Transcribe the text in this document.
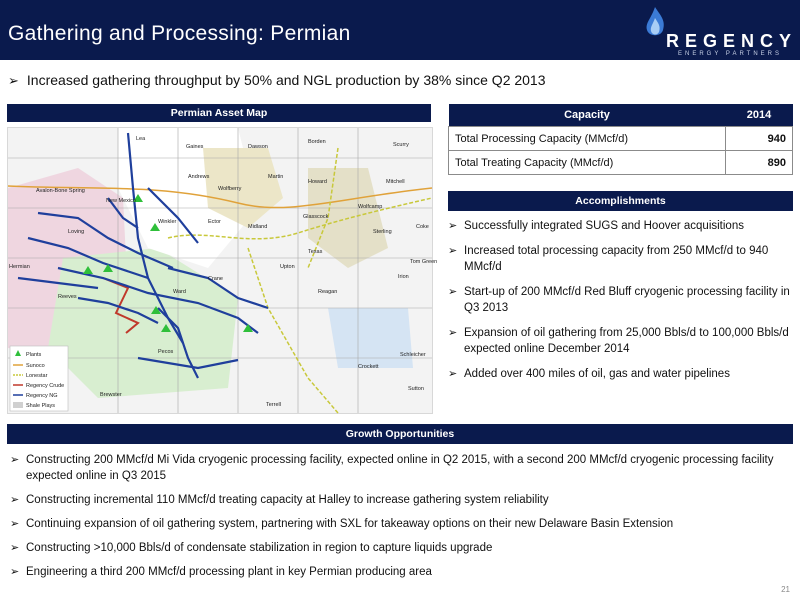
Gathering and Processing: Permian	REGENCY
ENERGY PARTNERS
➢ Increased gathering throughput by 50% and NGL production by 38% since Q2 2013
Permian Asset Map
Lea
Gaines	Dawson
Borden	Scurry
Andrews	Martin
Howard	Mitchell
Winkler	Ector
Midland
Glasscock
Sterling
Coke
Loving
Ward
Crane
Upton
Reagan
Irion
Tom Green
Reeves
Pecos
Crockett
Schleicher
Sutton
Brewster
Terrell
Wolfcamp
Avalon-Bone Spring
New Mexico
Texas
Wolfberry
Hermian
Plants
Sunoco
Lonestar
Regency Crude
Regency NG
Shale Plays
Capacity	2014
Total Processing Capacity (MMcf/d)	940
Total Treating Capacity (MMcf/d)	890
Accomplishments
➢ Successfully integrated SUGS and Hoover acquisitions
➢ Increased total processing capacity from 250 MMcf/d to 940 MMcf/d
➢ Start-up of 200 MMcf/d Red Bluff cryogenic processing facility in Q3 2013
➢ Expansion of oil gathering from 25,000 Bbls/d to 100,000 Bbls/d expected online December 2014
➢ Added over 400 miles of oil, gas and water pipelines
Growth Opportunities
➢ Constructing 200 MMcf/d Mi Vida cryogenic processing facility, expected online in Q2 2015, with a second 200 MMcf/d cryogenic processing facility expected online in Q3 2015
➢ Constructing incremental 110 MMcf/d treating capacity at Halley to increase gathering system reliability
➢ Continuing expansion of oil gathering system, partnering with SXL for takeaway options on their new Delaware Basin Extension
➢ Constructing >10,000 Bbls/d of condensate stabilization in region to capture liquids upgrade
➢ Engineering a third 200 MMcf/d processing plant in key Permian producing area
21
